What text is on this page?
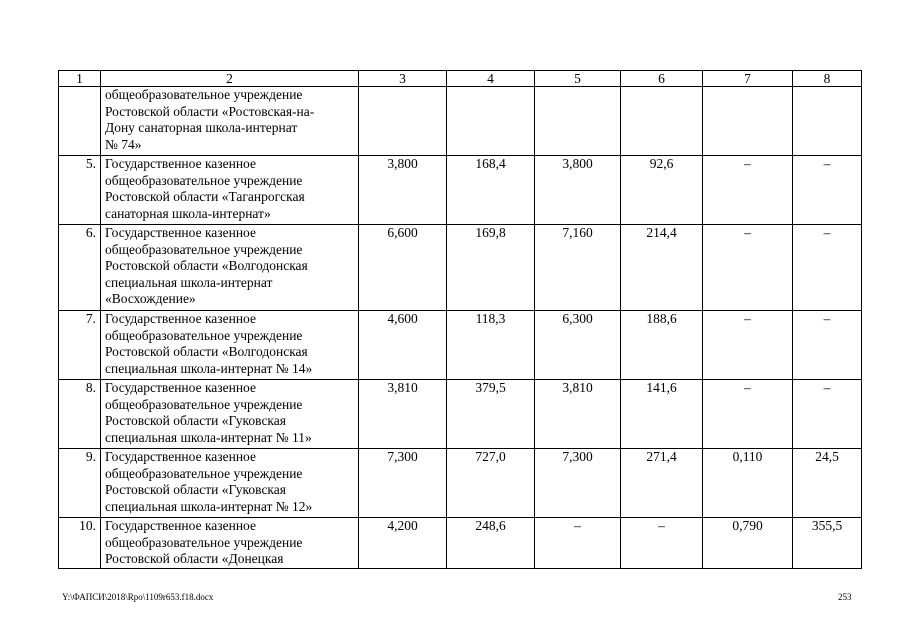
1	2	3	4	5	6	7	8
	общеобразовательное учреждение
Ростовской области «Ростовская-на-
Дону санаторная школа-интернат
№ 74»						
5.	Государственное казенное
общеобразовательное учреждение
Ростовской области «Таганрогская
санаторная школа-интернат»	3,800	168,4	3,800	92,6	–	–
6.	Государственное казенное
общеобразовательное учреждение
Ростовской области «Волгодонская
специальная школа-интернат
«Восхождение»	6,600	169,8	7,160	214,4	–	–
7.	Государственное казенное
общеобразовательное учреждение
Ростовской области «Волгодонская
специальная школа-интернат № 14»	4,600	118,3	6,300	188,6	–	–
8.	Государственное казенное
общеобразовательное учреждение
Ростовской области «Гуковская
специальная школа-интернат № 11»	3,810	379,5	3,810	141,6	–	–
9.	Государственное казенное
общеобразовательное учреждение
Ростовской области «Гуковская
специальная школа-интернат № 12»	7,300	727,0	7,300	271,4	0,110	24,5
10.	Государственное казенное
общеобразовательное учреждение
Ростовской области «Донецкая	4,200	248,6	–	–	0,790	355,5
Y:\ФАПСИ\2018\Rpo\1109r653.f18.docx	253
